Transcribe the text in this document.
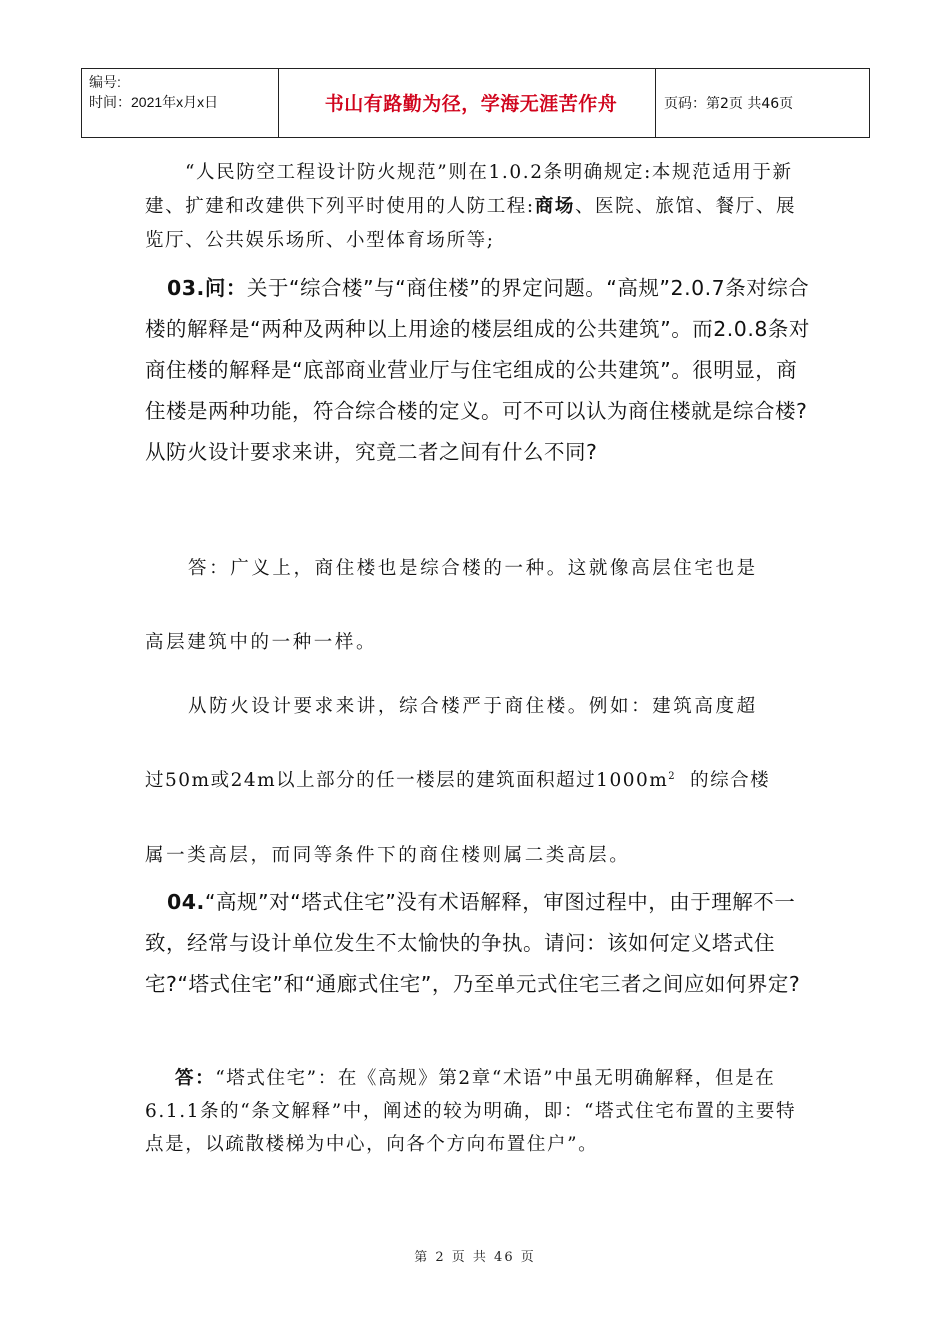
编号:
时间：2021年x月x日	书山有路勤为径，学海无涯苦作舟	页码：第2页 共46页
“人民防空工程设计防火规范”则在1.0.2条明确规定:本规范适用于新建、扩建和改建供下列平时使用的人防工程:商场、医院、旅馆、餐厅、展览厅、公共娱乐场所、小型体育场所等;
03.问：关于“综合楼”与“商住楼”的界定问题。“高规”2.0.7条对综合楼的解释是“两种及两种以上用途的楼层组成的公共建筑”。而2.0.8条对商住楼的解释是“底部商业营业厅与住宅组成的公共建筑”。很明显，商住楼是两种功能，符合综合楼的定义。可不可以认为商住楼就是综合楼?从防火设计要求来讲，究竟二者之间有什么不同?
答：广义上，商住楼也是综合楼的一种。这就像高层住宅也是
高层建筑中的一种一样。
从防火设计要求来讲，综合楼严于商住楼。例如：建筑高度超
过50m或24m以上部分的任一楼层的建筑面积超过$1000m^2$ 的综合楼
属一类高层，而同等条件下的商住楼则属二类高层。
04.“高规”对“塔式住宅”没有术语解释，审图过程中，由于理解不一致，经常与设计单位发生不太愉快的争执。请问：该如何定义塔式住宅?“塔式住宅”和“通廊式住宅”，乃至单元式住宅三者之间应如何界定?
答：“塔式住宅”：在《高规》第2章“术语”中虽无明确解释，但是在6.1.1条的“条文解释”中，阐述的较为明确，即：“塔式住宅布置的主要特点是，以疏散楼梯为中心，向各个方向布置住户”。
第 2 页 共 46 页
